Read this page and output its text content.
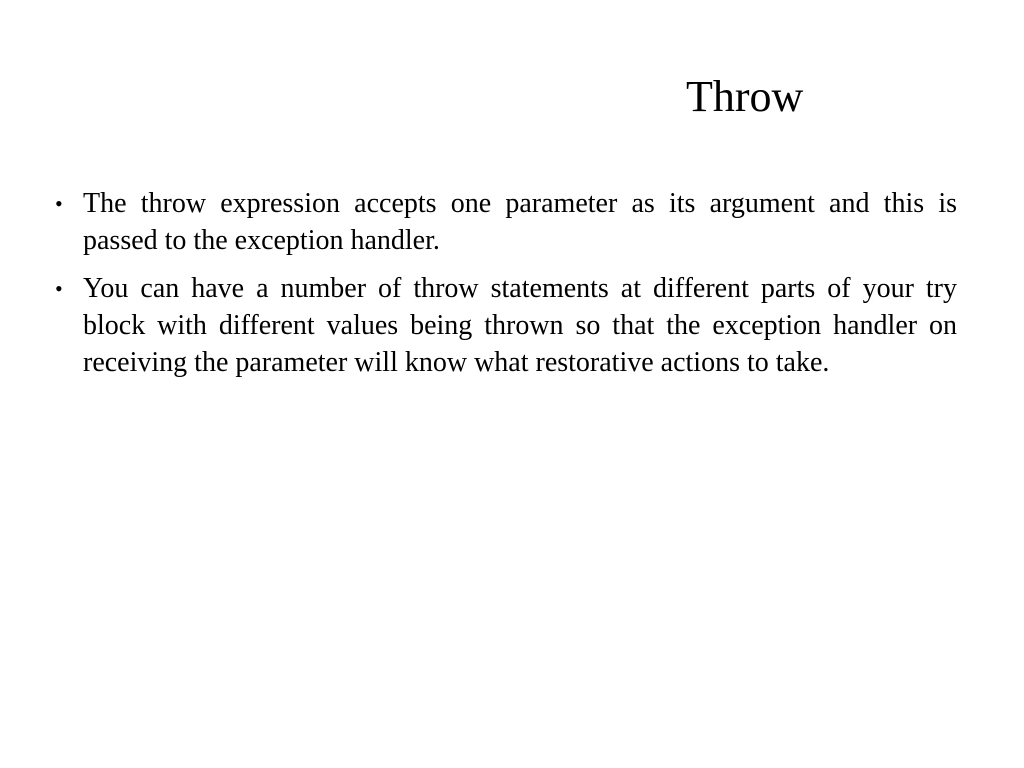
Throw
• The throw expression accepts one parameter as its argument and this is passed to the exception handler.
• You can have a number of throw statements at different parts of your try block with different values being thrown so that the exception handler on receiving the parameter will know what restorative actions to take.
